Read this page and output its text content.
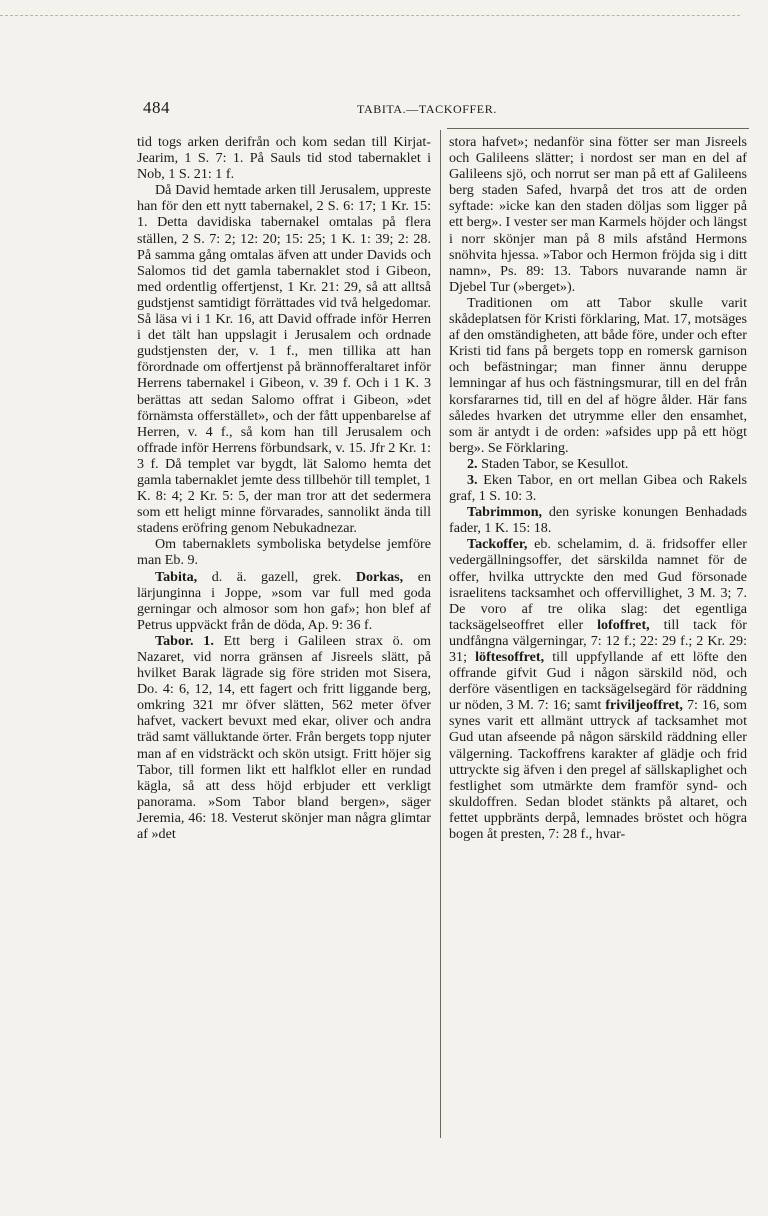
484	TABITA.—TACKOFFER.

tid togs arken derifrån och kom sedan till Kirjat-Jearim, 1 S. 7: 1. På Sauls tid stod tabernaklet i Nob, 1 S. 21: 1 f.

Då David hemtade arken till Jerusalem, uppreste han för den ett nytt tabernakel, 2 S. 6: 17; 1 Kr. 15: 1. Detta davidiska tabernakel omtalas på flera ställen, 2 S. 7: 2; 12: 20; 15: 25; 1 K. 1: 39; 2: 28. På samma gång omtalas äfven att under Davids och Salomos tid det gamla tabernaklet stod i Gibeon, med ordentlig offertjenst, 1 Kr. 21: 29, så att alltså gudstjenst samtidigt förrättades vid två helgedomar. Så läsa vi i 1 Kr. 16, att David offrade inför Herren i det tält han uppslagit i Jerusalem och ordnade gudstjensten der, v. 1 f., men tillika att han förordnade om offertjenst på brännofferaltaret inför Herrens tabernakel i Gibeon, v. 39 f. Och i 1 K. 3 berättas att sedan Salomo offrat i Gibeon, »det förnämsta offerstället», och der fått uppenbarelse af Herren, v. 4 f., så kom han till Jerusalem och offrade inför Herrens förbundsark, v. 15. Jfr 2 Kr. 1: 3 f. Då templet var bygdt, lät Salomo hemta det gamla tabernaklet jemte dess tillbehör till templet, 1 K. 8: 4; 2 Kr. 5: 5, der man tror att det sedermera som ett heligt minne förvarades, sannolikt ända till stadens eröfring genom Nebukadnezar.

Om tabernaklets symboliska betydelse jemföre man Eb. 9.

Tabita, d. ä. gazell, grek. Dorkas, en lärjunginna i Joppe, »som var full med goda gerningar och almosor som hon gaf»; hon blef af Petrus uppväckt från de döda, Ap. 9: 36 f.

Tabor. 1. Ett berg i Galileen strax ö. om Nazaret, vid norra gränsen af Jisreels slätt, på hvilket Barak lägrade sig före striden mot Sisera, Do. 4: 6, 12, 14, ett fagert och fritt liggande berg, omkring 321 mr öfver slätten, 562 meter öfver hafvet, vackert bevuxt med ekar, oliver och andra träd samt välluktande örter. Från bergets topp njuter man af en vidsträckt och skön utsigt. Fritt höjer sig Tabor, till formen likt ett halfklot eller en rundad kägla, så att dess höjd erbjuder ett verkligt panorama. »Som Tabor bland bergen», säger Jeremia, 46: 18. Vesterut skönjer man några glimtar af »det

stora hafvet»; nedanför sina fötter ser man Jisreels och Galileens slätter; i nordost ser man en del af Galileens sjö, och norrut ser man på ett af Galileens berg staden Safed, hvarpå det tros att de orden syftade: »icke kan den staden döljas som ligger på ett berg». I vester ser man Karmels höjder och längst i norr skönjer man på 8 mils afstånd Hermons snöhvita hjessa. »Tabor och Hermon fröjda sig i ditt namn», Ps. 89: 13. Tabors nuvarande namn är Djebel Tur (»berget»).

Traditionen om att Tabor skulle varit skådeplatsen för Kristi förklaring, Mat. 17, motsäges af den omständigheten, att både före, under och efter Kristi tid fans på bergets topp en romersk garnison och befästningar; man finner ännu deruppe lemningar af hus och fästningsmurar, till en del från korsfararnes tid, till en del af högre ålder. Här fans således hvarken det utrymme eller den ensamhet, som är antydt i de orden: »afsides upp på ett högt berg». Se Förklaring.

2. Staden Tabor, se Kesullot.

3. Eken Tabor, en ort mellan Gibea och Rakels graf, 1 S. 10: 3.

Tabrimmon, den syriske konungen Benhadads fader, 1 K. 15: 18.

Tackoffer, eb. schelamim, d. ä. fridsoffer eller vedergällningsoffer, det särskilda namnet för de offer, hvilka uttryckte den med Gud försonade israelitens tacksamhet och offervillighet, 3 M. 3; 7. De voro af tre olika slag: det egentliga tacksägelseoffret eller lofoffret, till tack för undfångna välgerningar, 7: 12 f.; 22: 29 f.; 2 Kr. 29: 31; löftesoffret, till uppfyllande af ett löfte den offrande gifvit Gud i någon särskild nöd, och derföre väsentligen en tacksägelsegärd för räddning ur nöden, 3 M. 7: 16; samt friviljeoffret, 7: 16, som synes varit ett allmänt uttryck af tacksamhet mot Gud utan afseende på någon särskild räddning eller välgerning. Tackoffrens karakter af glädje och frid uttryckte sig äfven i den pregel af sällskaplighet och festlighet som utmärkte dem framför synd- och skuldoffren. Sedan blodet stänkts på altaret, och fettet uppbränts derpå, lemnades bröstet och högra bogen åt presten, 7: 28 f., hvar-
